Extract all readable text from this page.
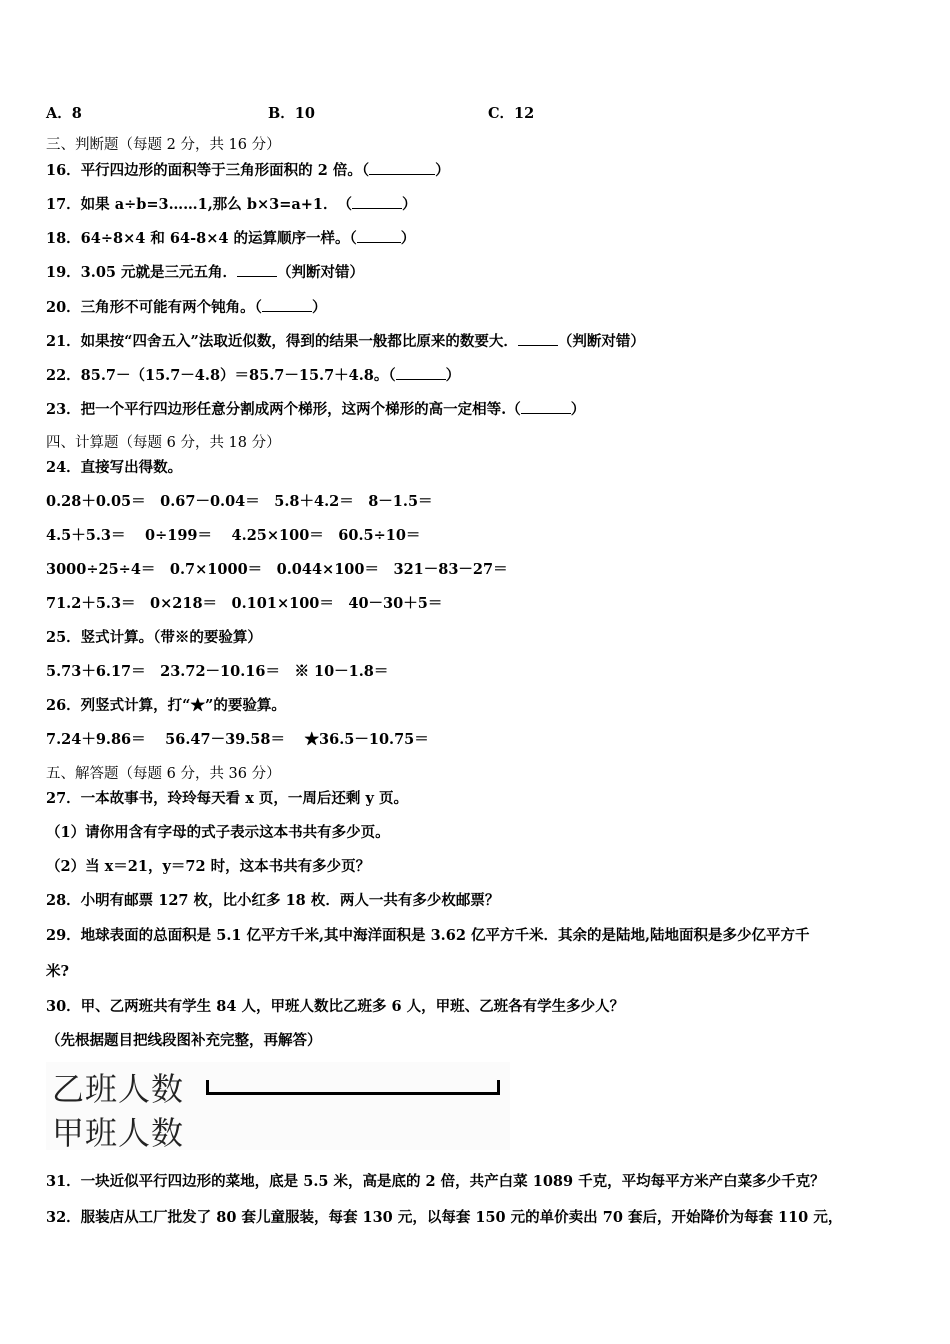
A．8	B．10	C．12
三、判断题（每题 2 分，共 16 分）
16．平行四边形的面积等于三角形面积的 2 倍。（	）
17．如果 a÷b=3……1,那么 b×3=a+1．　（	）
18．64÷8×4 和 64-8×4 的运算顺序一样。（	）
19．3.05 元就是三元五角．	（判断对错）
20．三角形不可能有两个钝角。（	）
21．如果按“四舍五入”法取近似数，得到的结果一般都比原来的数要大．	（判断对错）
22．85.7－（15.7－4.8）＝85.7－15.7＋4.8。（	）
23．把一个平行四边形任意分割成两个梯形，这两个梯形的高一定相等.（	）
四、计算题（每题 6 分，共 18 分）
24．直接写出得数。
0.28＋0.05＝　0.67－0.04＝　5.8＋4.2＝　8－1.5＝
4.5＋5.3＝　 0÷199＝　 4.25×100＝　60.5÷10＝
3000÷25÷4＝　0.7×1000＝　0.044×100＝　321－83－27＝
71.2＋5.3＝　0×218＝　0.101×100＝　40－30＋5＝
25．竖式计算。（带※的要验算）
5.73＋6.17＝　23.72－10.16＝　※ 10－1.8＝
26．列竖式计算，打“★”的要验算。
7.24＋9.86＝　 56.47－39.58＝　 ★36.5－10.75＝
五、解答题（每题 6 分，共 36 分）
27．一本故事书，玲玲每天看 x 页，一周后还剩 y 页。
（1）请你用含有字母的式子表示这本书共有多少页。
（2）当 x＝21，y＝72 时，这本书共有多少页？
28．小明有邮票 127 枚，比小红多 18 枚．两人一共有多少枚邮票？
29．地球表面的总面积是 5.1 亿平方千米,其中海洋面积是 3.62 亿平方千米．其余的是陆地,陆地面积是多少亿平方千
米?
30．甲、乙两班共有学生 84 人，甲班人数比乙班多 6 人，甲班、乙班各有学生多少人？
（先根据题目把线段图补充完整，再解答）
乙班人数
甲班人数
31．一块近似平行四边形的菜地，底是 5.5 米，高是底的 2 倍，共产白菜 1089 千克，平均每平方米产白菜多少千克？
32．服装店从工厂批发了 80 套儿童服装，每套 130 元，以每套 150 元的单价卖出 70 套后，开始降价为每套 110 元，
